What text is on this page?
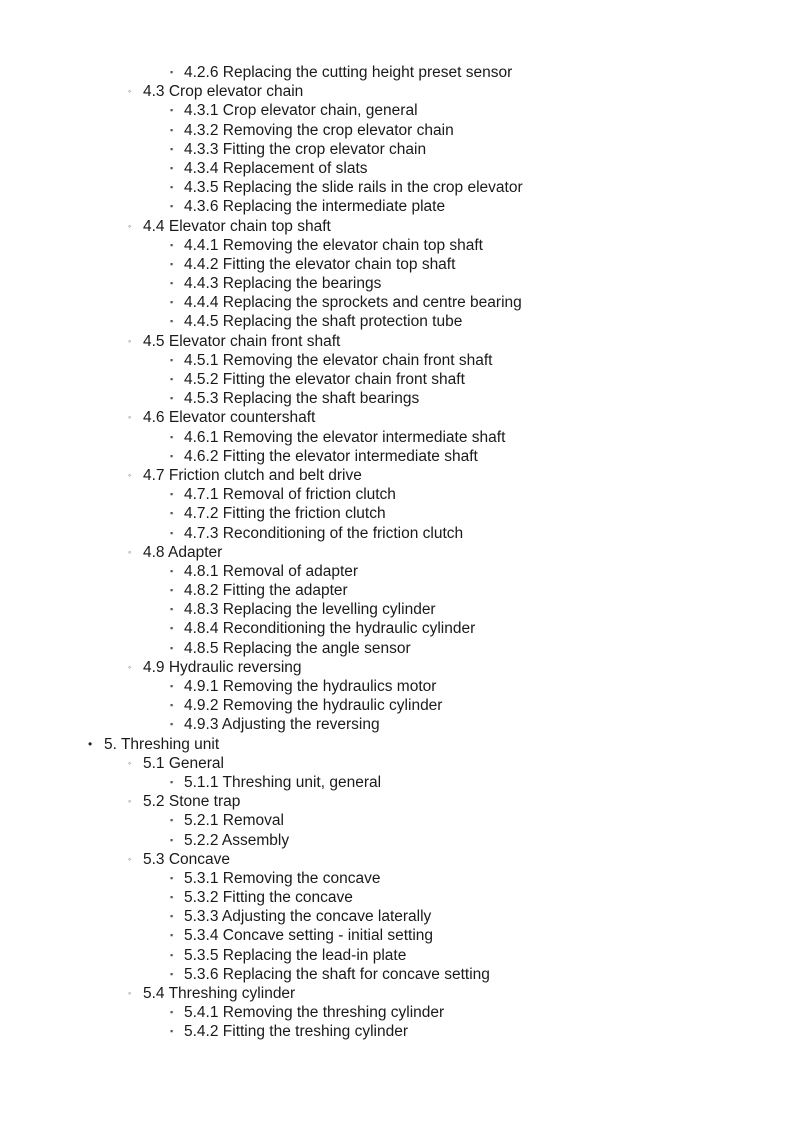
▪ 4.2.6 Replacing the cutting height preset sensor
◦ 4.3 Crop elevator chain
▪ 4.3.1 Crop elevator chain, general
▪ 4.3.2 Removing the crop elevator chain
▪ 4.3.3 Fitting the crop elevator chain
▪ 4.3.4 Replacement of slats
▪ 4.3.5 Replacing the slide rails in the crop elevator
▪ 4.3.6 Replacing the intermediate plate
◦ 4.4 Elevator chain top shaft
▪ 4.4.1 Removing the elevator chain top shaft
▪ 4.4.2 Fitting the elevator chain top shaft
▪ 4.4.3 Replacing the bearings
▪ 4.4.4 Replacing the sprockets and centre bearing
▪ 4.4.5 Replacing the shaft protection tube
◦ 4.5 Elevator chain front shaft
▪ 4.5.1 Removing the elevator chain front shaft
▪ 4.5.2 Fitting the elevator chain front shaft
▪ 4.5.3 Replacing the shaft bearings
◦ 4.6 Elevator countershaft
▪ 4.6.1 Removing the elevator intermediate shaft
▪ 4.6.2 Fitting the elevator intermediate shaft
◦ 4.7 Friction clutch and belt drive
▪ 4.7.1 Removal of friction clutch
▪ 4.7.2 Fitting the friction clutch
▪ 4.7.3 Reconditioning of the friction clutch
◦ 4.8 Adapter
▪ 4.8.1 Removal of adapter
▪ 4.8.2 Fitting the adapter
▪ 4.8.3 Replacing the levelling cylinder
▪ 4.8.4 Reconditioning the hydraulic cylinder
▪ 4.8.5 Replacing the angle sensor
◦ 4.9 Hydraulic reversing
▪ 4.9.1 Removing the hydraulics motor
▪ 4.9.2 Removing the hydraulic cylinder
▪ 4.9.3 Adjusting the reversing
• 5. Threshing unit
◦ 5.1 General
▪ 5.1.1 Threshing unit, general
◦ 5.2 Stone trap
▪ 5.2.1 Removal
▪ 5.2.2 Assembly
◦ 5.3 Concave
▪ 5.3.1 Removing the concave
▪ 5.3.2 Fitting the concave
▪ 5.3.3 Adjusting the concave laterally
▪ 5.3.4 Concave setting - initial setting
▪ 5.3.5 Replacing the lead-in plate
▪ 5.3.6 Replacing the shaft for concave setting
◦ 5.4 Threshing cylinder
▪ 5.4.1 Removing the threshing cylinder
▪ 5.4.2 Fitting the treshing cylinder
